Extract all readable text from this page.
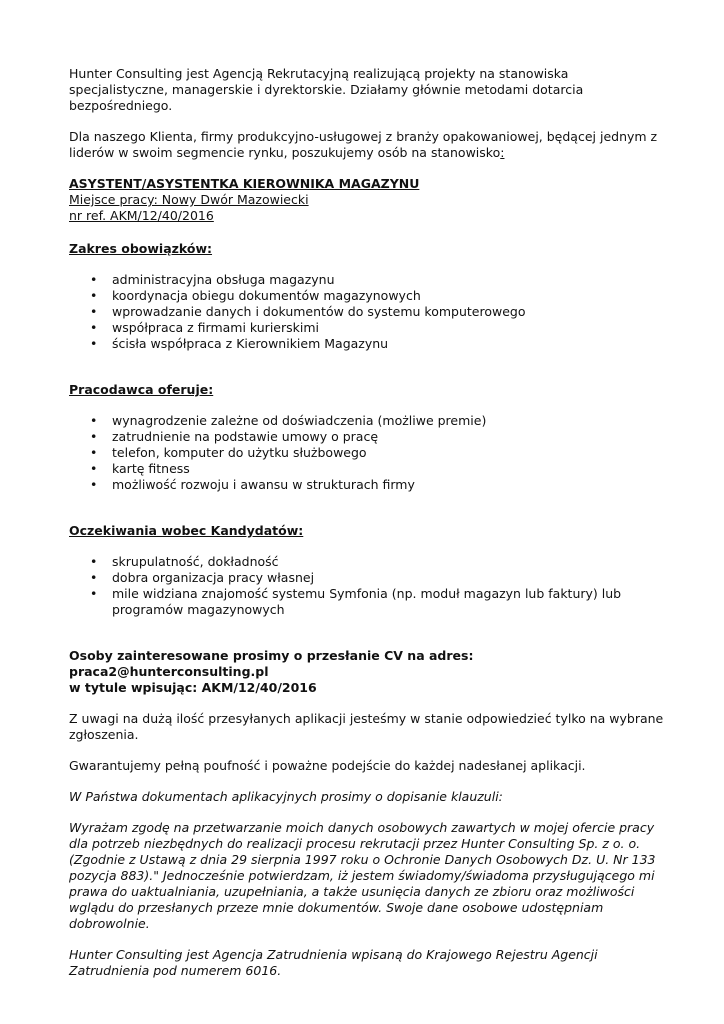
Hunter Consulting jest Agencją Rekrutacyjną realizującą projekty na stanowiska specjalistyczne, managerskie i dyrektorskie. Działamy głównie metodami dotarcia bezpośredniego.

Dla naszego Klienta, firmy produkcyjno-usługowej z branży opakowaniowej, będącej jednym z liderów w swoim segmencie rynku, poszukujemy osób na stanowisko:

ASYSTENT/ASYSTENTKA KIEROWNIKA MAGAZYNU

Miejsce pracy: Nowy Dwór Mazowiecki

nr ref. AKM/12/40/2016

Zakres obowiązków:

• administracyjna obsługa magazynu
• koordynacja obiegu dokumentów magazynowych
• wprowadzanie danych i dokumentów do systemu komputerowego
• współpraca z firmami kurierskimi
• ścisła współpraca z Kierownikiem Magazynu

Pracodawca oferuje:

• wynagrodzenie zależne od doświadczenia (możliwe premie)
• zatrudnienie na podstawie umowy o pracę
• telefon, komputer do użytku służbowego
• kartę fitness
• możliwość rozwoju i awansu w strukturach firmy

Oczekiwania wobec Kandydatów:

• skrupulatność, dokładność
• dobra organizacja pracy własnej
• mile widziana znajomość systemu Symfonia (np. moduł magazyn lub faktury) lub programów magazynowych

Osoby zainteresowane prosimy o przesłanie CV na adres:

praca2@hunterconsulting.pl

w tytule wpisując: AKM/12/40/2016

Z uwagi na dużą ilość przesyłanych aplikacji jesteśmy w stanie odpowiedzieć tylko na wybrane zgłoszenia.

Gwarantujemy pełną poufność i poważne podejście do każdej nadesłanej aplikacji.

W Państwa dokumentach aplikacyjnych prosimy o dopisanie klauzuli:

Wyrażam zgodę na przetwarzanie moich danych osobowych zawartych w mojej ofercie pracy dla potrzeb niezbędnych do realizacji procesu rekrutacji przez Hunter Consulting Sp. z o. o. (Zgodnie z Ustawą z dnia 29 sierpnia 1997 roku o Ochronie Danych Osobowych Dz. U. Nr 133 pozycja 883)." Jednocześnie potwierdzam, iż jestem świadomy/świadoma przysługującego mi prawa do uaktualniania, uzupełniania, a także usunięcia danych ze zbioru oraz możliwości wglądu do przesłanych przeze mnie dokumentów. Swoje dane osobowe udostępniam dobrowolnie.

Hunter Consulting jest Agencja Zatrudnienia wpisaną do Krajowego Rejestru Agencji Zatrudnienia pod numerem 6016.
